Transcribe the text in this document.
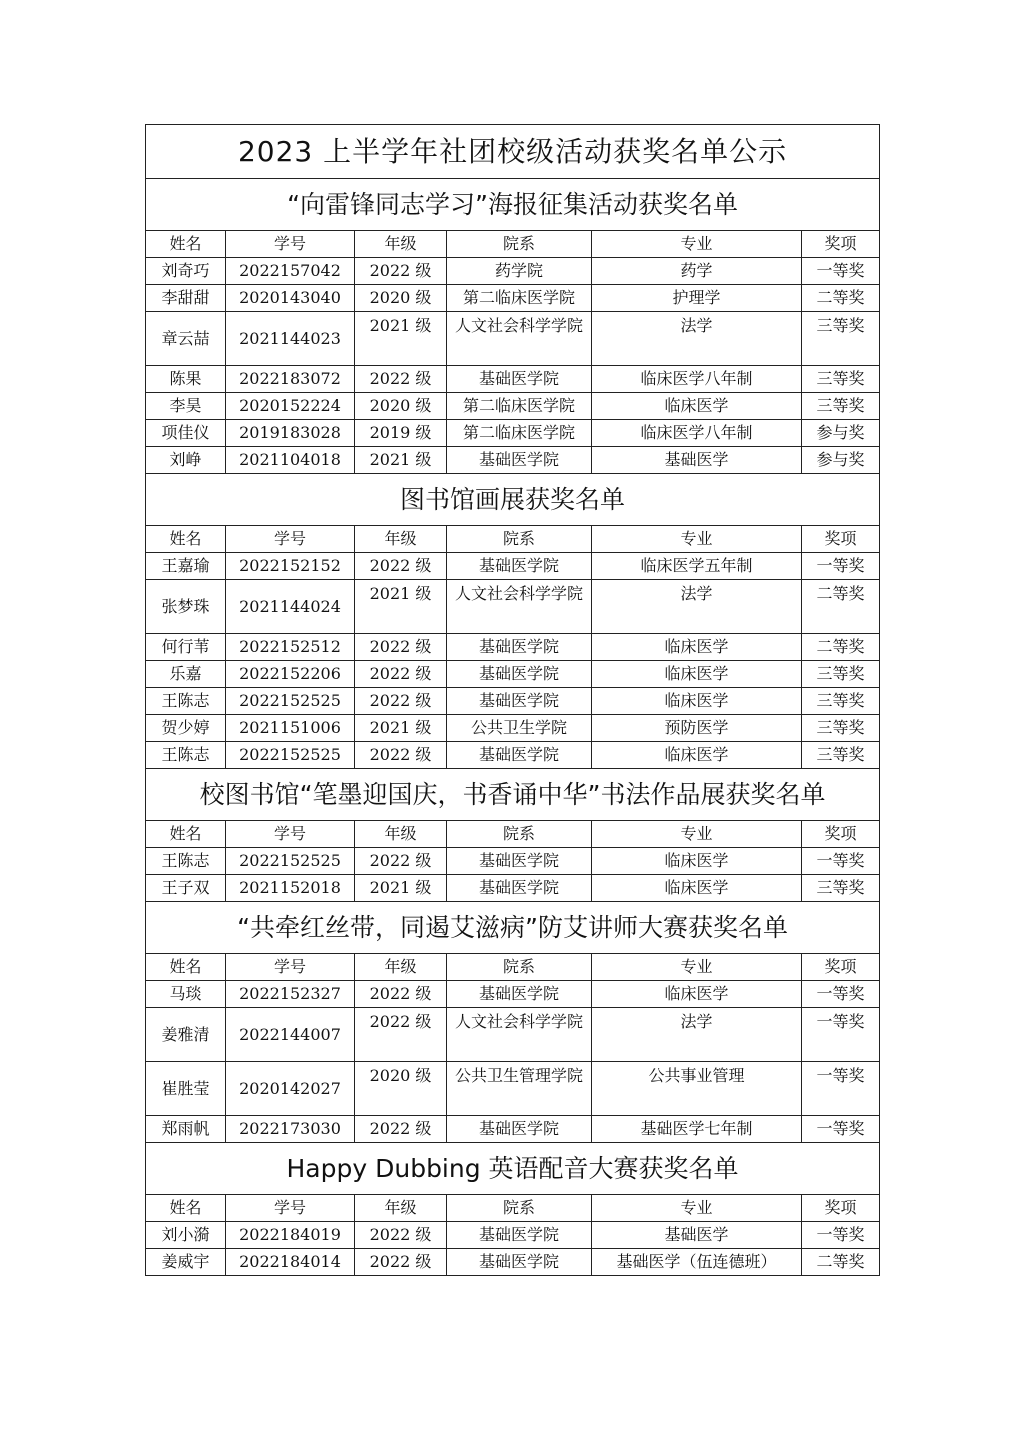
2023 上半学年社团校级活动获奖名单公示					
“向雷锋同志学习”海报征集活动获奖名单					
姓名	学号	年级	院系	专业	奖项
刘奇巧	2022157042	2022 级	药学院	药学	一等奖
李甜甜	2020143040	2020 级	第二临床医学院	护理学	二等奖
章云喆	2021144023	2021 级	人文社会科学学院	法学	三等奖
陈果	2022183072	2022 级	基础医学院	临床医学八年制	三等奖
李昊	2020152224	2020 级	第二临床医学院	临床医学	三等奖
项佳仪	2019183028	2019 级	第二临床医学院	临床医学八年制	参与奖
刘峥	2021104018	2021 级	基础医学院	基础医学	参与奖
图书馆画展获奖名单					
姓名	学号	年级	院系	专业	奖项
王嘉瑜	2022152152	2022 级	基础医学院	临床医学五年制	一等奖
张梦珠	2021144024	2021 级	人文社会科学学院	法学	二等奖
何行苇	2022152512	2022 级	基础医学院	临床医学	二等奖
乐嘉	2022152206	2022 级	基础医学院	临床医学	三等奖
王陈志	2022152525	2022 级	基础医学院	临床医学	三等奖
贺少婷	2021151006	2021 级	公共卫生学院	预防医学	三等奖
王陈志	2022152525	2022 级	基础医学院	临床医学	三等奖
校图书馆“笔墨迎国庆，书香诵中华”书法作品展获奖名单					
姓名	学号	年级	院系	专业	奖项
王陈志	2022152525	2022 级	基础医学院	临床医学	一等奖
王子双	2021152018	2021 级	基础医学院	临床医学	三等奖
“共牵红丝带，同遏艾滋病”防艾讲师大赛获奖名单					
姓名	学号	年级	院系	专业	奖项
马琰	2022152327	2022 级	基础医学院	临床医学	一等奖
姜雅清	2022144007	2022 级	人文社会科学学院	法学	一等奖
崔胜莹	2020142027	2020 级	公共卫生管理学院	公共事业管理	一等奖
郑雨帆	2022173030	2022 级	基础医学院	基础医学七年制	一等奖
Happy Dubbing 英语配音大赛获奖名单					
姓名	学号	年级	院系	专业	奖项
刘小漪	2022184019	2022 级	基础医学院	基础医学	一等奖
姜威宇	2022184014	2022 级	基础医学院	基础医学（伍连德班）	二等奖
